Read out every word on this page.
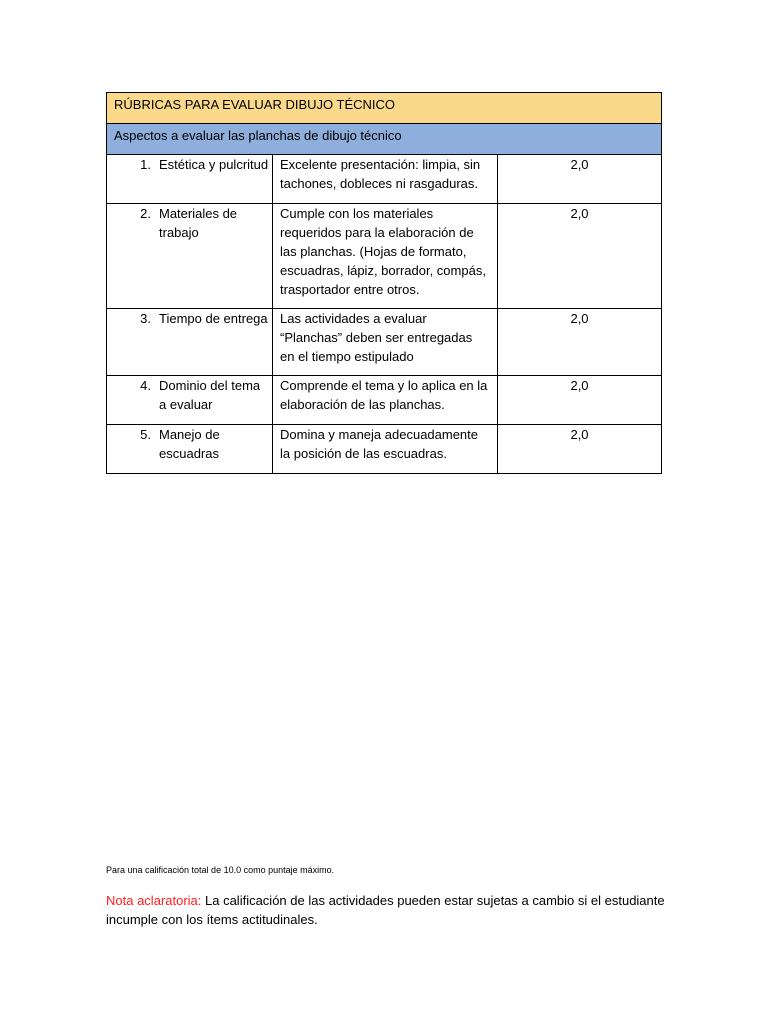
RÚBRICAS PARA EVALUAR DIBUJO TÉCNICO		
Aspectos a evaluar las planchas de dibujo técnico		

1. Estética y pulcritud	Excelente presentación: limpia, sin tachones, dobleces ni rasgaduras.	2,0

2. Materiales de trabajo	Cumple con los materiales requeridos para la elaboración de las planchas. (Hojas de formato, escuadras, lápiz, borrador, compás, trasportador entre otros.	2,0

3. Tiempo de entrega	Las actividades a evaluar “Planchas” deben ser entregadas en el tiempo estipulado	2,0

4. Dominio del tema a evaluar	Comprende el tema y lo aplica en la elaboración de las planchas.	2,0

5. Manejo de escuadras	Domina y maneja adecuadamente la posición de las escuadras.	2,0

Para una calificación total de 10.0 como puntaje máximo.

Nota aclaratoria: La calificación de las actividades pueden estar sujetas a cambio si el estudiante incumple con los ítems actitudinales.
